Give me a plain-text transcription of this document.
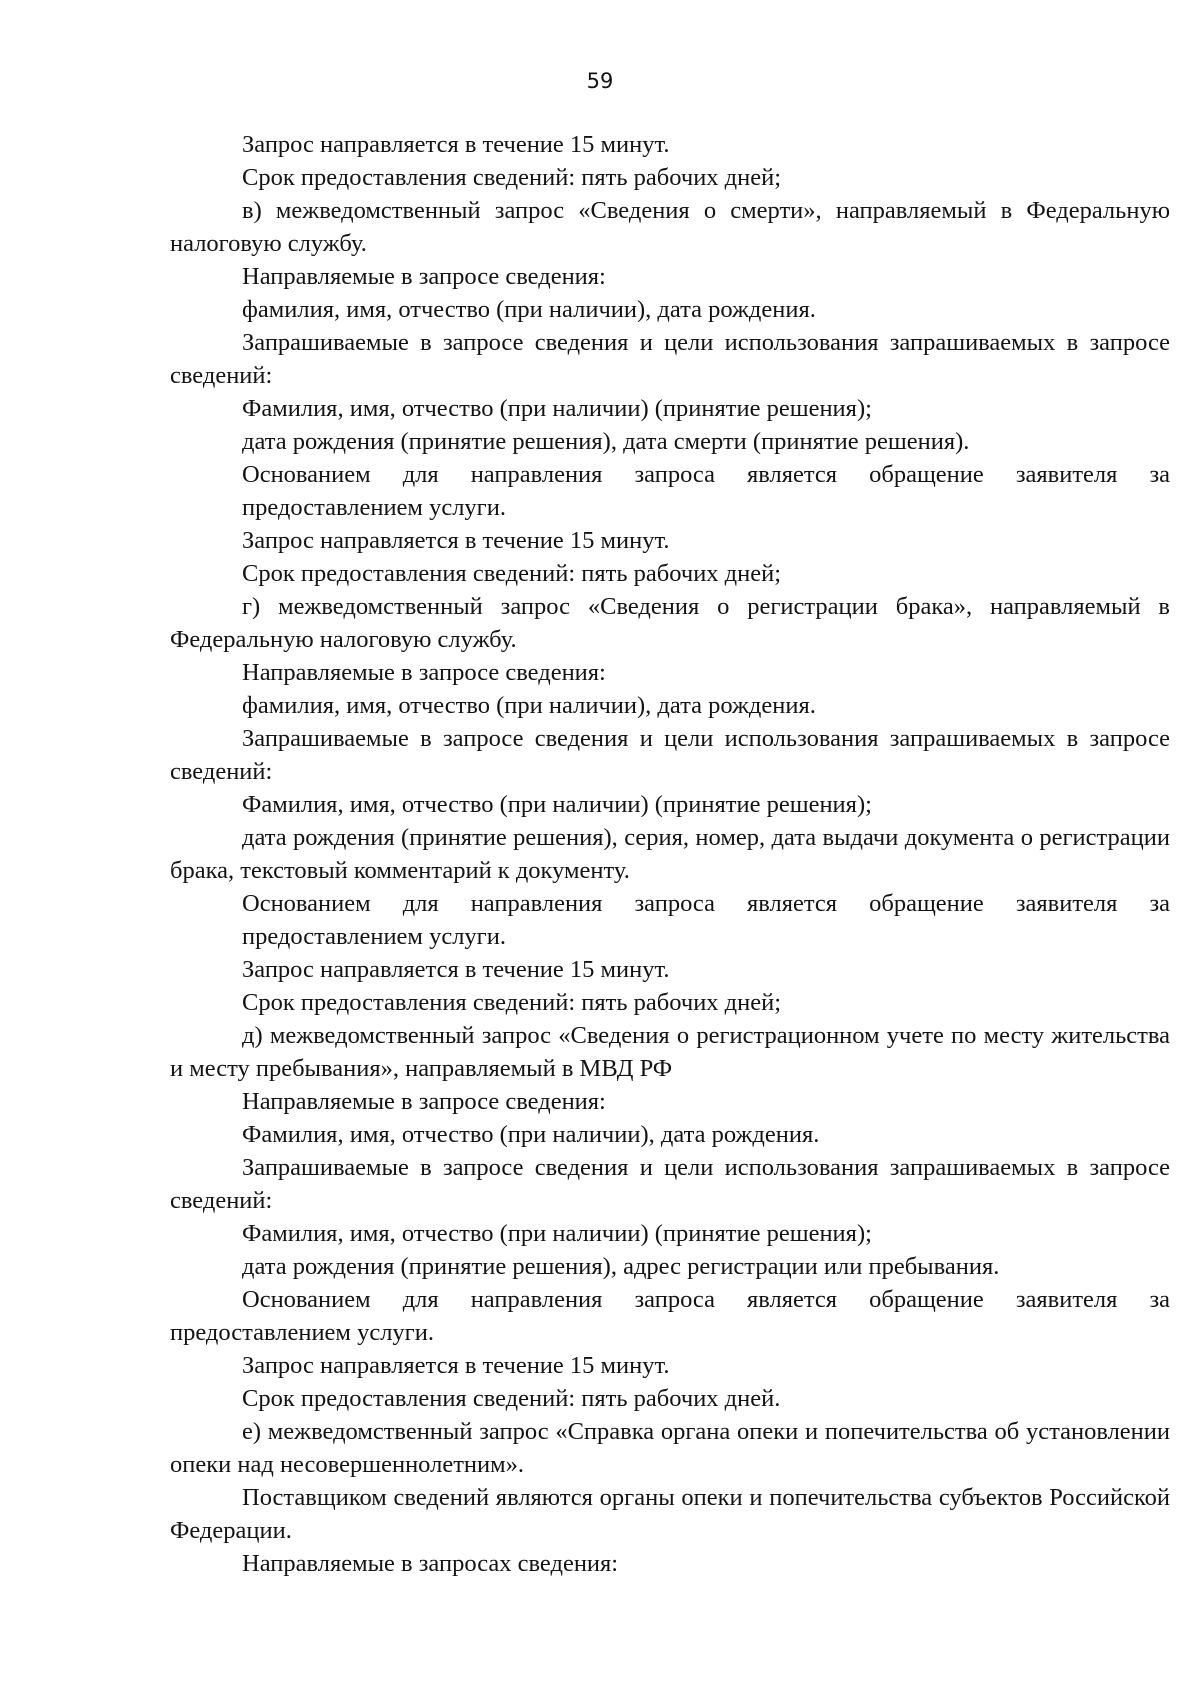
59

Запрос направляется в течение 15 минут.

Срок предоставления сведений: пять рабочих дней;

в) межведомственный запрос «Сведения о смерти», направляемый в Федеральную налоговую службу.

Направляемые в запросе сведения:

фамилия, имя, отчество (при наличии), дата рождения.

Запрашиваемые в запросе сведения и цели использования запрашиваемых в запросе сведений:

Фамилия, имя, отчество (при наличии) (принятие решения);

дата рождения (принятие решения), дата смерти (принятие решения).

Основанием для направления запроса является обращение заявителя за предоставлением услуги.

Запрос направляется в течение 15 минут.

Срок предоставления сведений: пять рабочих дней;

г) межведомственный запрос «Сведения о регистрации брака», направляемый в Федеральную налоговую службу.

Направляемые в запросе сведения:

фамилия, имя, отчество (при наличии), дата рождения.

Запрашиваемые в запросе сведения и цели использования запрашиваемых в запросе сведений:

Фамилия, имя, отчество (при наличии) (принятие решения);

дата рождения (принятие решения), серия, номер, дата выдачи документа о регистрации брака, текстовый комментарий к документу.

Основанием для направления запроса является обращение заявителя за предоставлением услуги.

Запрос направляется в течение 15 минут.

Срок предоставления сведений: пять рабочих дней;

д) межведомственный запрос «Сведения о регистрационном учете по месту жительства и месту пребывания», направляемый в МВД РФ

Направляемые в запросе сведения:

Фамилия, имя, отчество (при наличии), дата рождения.

Запрашиваемые в запросе сведения и цели использования запрашиваемых в запросе сведений:

Фамилия, имя, отчество (при наличии) (принятие решения);

дата рождения (принятие решения), адрес регистрации или пребывания.

Основанием для направления запроса является обращение заявителя за предоставлением услуги.

Запрос направляется в течение 15 минут.

Срок предоставления сведений: пять рабочих дней.

е) межведомственный запрос «Справка органа опеки и попечительства об установлении опеки над несовершеннолетним».

Поставщиком сведений являются органы опеки и попечительства субъектов Российской Федерации.

Направляемые в запросах сведения:
